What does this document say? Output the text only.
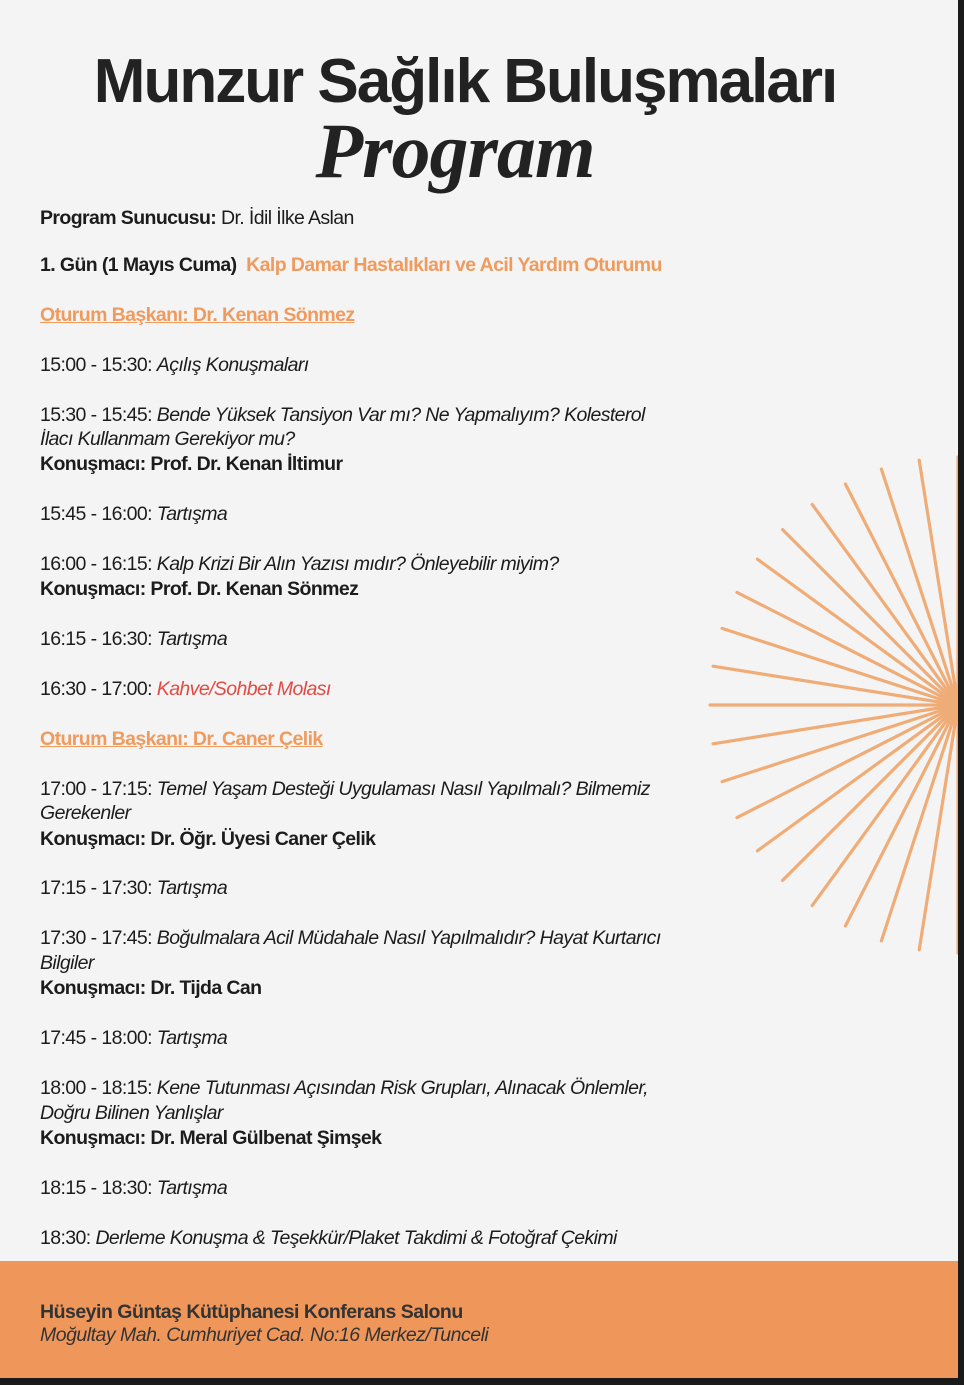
Munzur Sağlık Buluşmaları
Program
Program Sunucusu: Dr. İdil İlke Aslan
1. Gün (1 Mayıs Cuma) Kalp Damar Hastalıkları ve Acil Yardım Oturumu
Oturum Başkanı: Dr. Kenan Sönmez
15:00 - 15:30: Açılış Konuşmaları
15:30 - 15:45: Bende Yüksek Tansiyon Var mı? Ne Yapmalıyım? Kolesterol
İlacı Kullanmam Gerekiyor mu?
Konuşmacı: Prof. Dr. Kenan İltimur
15:45 - 16:00: Tartışma
16:00 - 16:15: Kalp Krizi Bir Alın Yazısı mıdır? Önleyebilir miyim?
Konuşmacı: Prof. Dr. Kenan Sönmez
16:15 - 16:30: Tartışma
16:30 - 17:00: Kahve/Sohbet Molası
Oturum Başkanı: Dr. Caner Çelik
17:00 - 17:15: Temel Yaşam Desteği Uygulaması Nasıl Yapılmalı? Bilmemiz
Gerekenler
Konuşmacı: Dr. Öğr. Üyesi Caner Çelik
17:15 - 17:30: Tartışma
17:30 - 17:45: Boğulmalara Acil Müdahale Nasıl Yapılmalıdır? Hayat Kurtarıcı
Bilgiler
Konuşmacı: Dr. Tijda Can
17:45 - 18:00: Tartışma
18:00 - 18:15: Kene Tutunması Açısından Risk Grupları, Alınacak Önlemler,
Doğru Bilinen Yanlışlar
Konuşmacı: Dr. Meral Gülbenat Şimşek
18:15 - 18:30: Tartışma
18:30: Derleme Konuşma & Teşekkür/Plaket Takdimi & Fotoğraf Çekimi
Hüseyin Güntaş Kütüphanesi Konferans Salonu
Moğultay Mah. Cumhuriyet Cad. No:16 Merkez/Tunceli
